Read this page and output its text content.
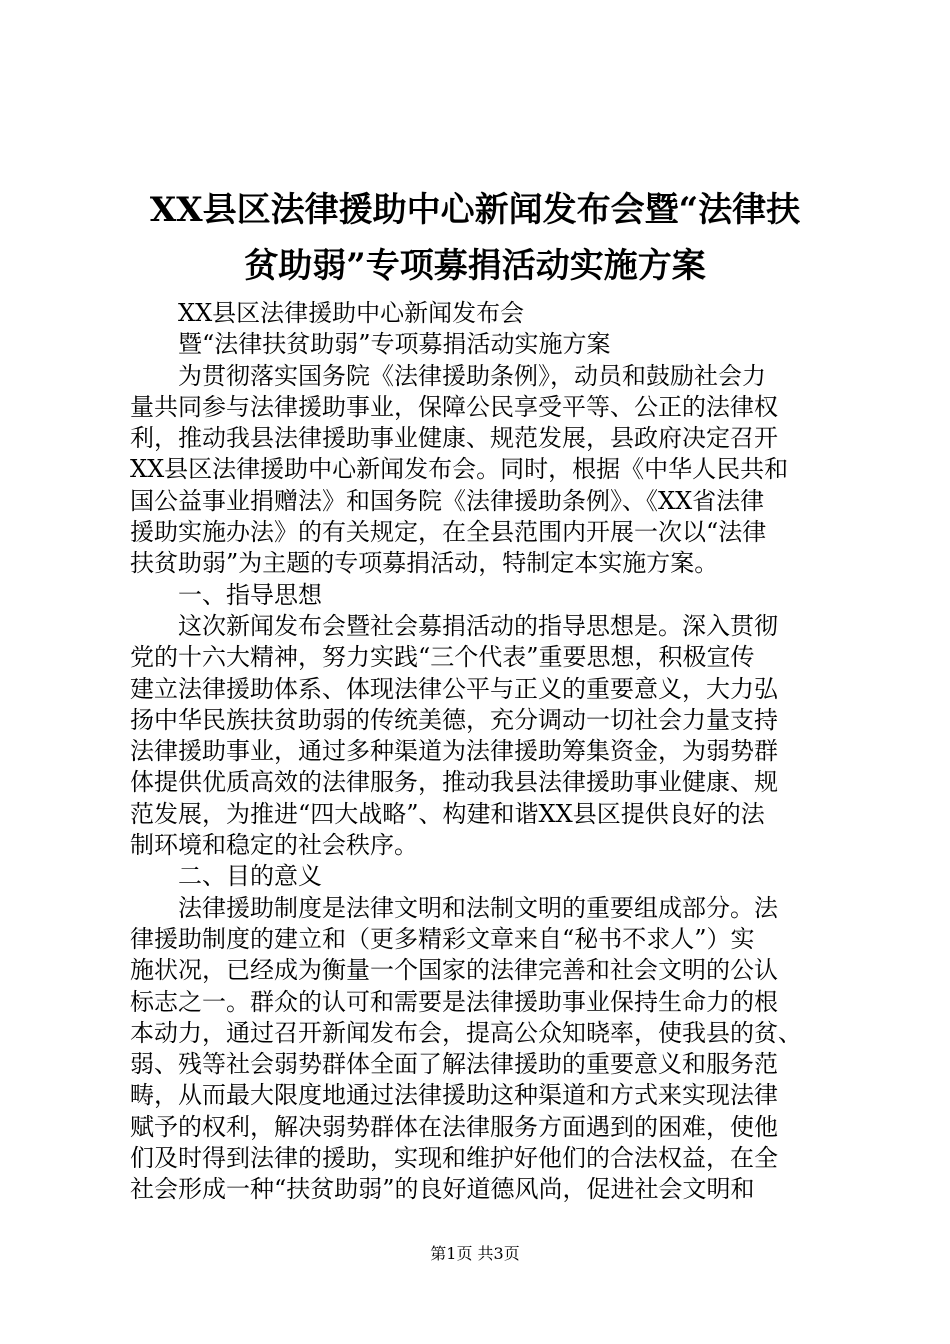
XX县区法律援助中心新闻发布会暨“法律扶
贫助弱”专项募捐活动实施方案
XX县区法律援助中心新闻发布会
暨“法律扶贫助弱”专项募捐活动实施方案
为贯彻落实国务院《法律援助条例》，动员和鼓励社会力
量共同参与法律援助事业，保障公民享受平等、公正的法律权
利，推动我县法律援助事业健康、规范发展，县政府决定召开
XX县区法律援助中心新闻发布会。同时，根据《中华人民共和
国公益事业捐赠法》和国务院《法律援助条例》、《XX省法律
援助实施办法》的有关规定，在全县范围内开展一次以“法律
扶贫助弱”为主题的专项募捐活动，特制定本实施方案。
一、指导思想
这次新闻发布会暨社会募捐活动的指导思想是。深入贯彻
党的十六大精神，努力实践“三个代表”重要思想，积极宣传
建立法律援助体系、体现法律公平与正义的重要意义，大力弘
扬中华民族扶贫助弱的传统美德，充分调动一切社会力量支持
法律援助事业，通过多种渠道为法律援助筹集资金，为弱势群
体提供优质高效的法律服务，推动我县法律援助事业健康、规
范发展，为推进“四大战略”、构建和谐XX县区提供良好的法
制环境和稳定的社会秩序。
二、目的意义
法律援助制度是法律文明和法制文明的重要组成部分。法
律援助制度的建立和（更多精彩文章来自“秘书不求人”）实
施状况，已经成为衡量一个国家的法律完善和社会文明的公认
标志之一。群众的认可和需要是法律援助事业保持生命力的根
本动力，通过召开新闻发布会，提高公众知晓率，使我县的贫、
弱、残等社会弱势群体全面了解法律援助的重要意义和服务范
畴，从而最大限度地通过法律援助这种渠道和方式来实现法律
赋予的权利，解决弱势群体在法律服务方面遇到的困难，使他
们及时得到法律的援助，实现和维护好他们的合法权益，在全
社会形成一种“扶贫助弱”的良好道德风尚，促进社会文明和
第1页 共3页
